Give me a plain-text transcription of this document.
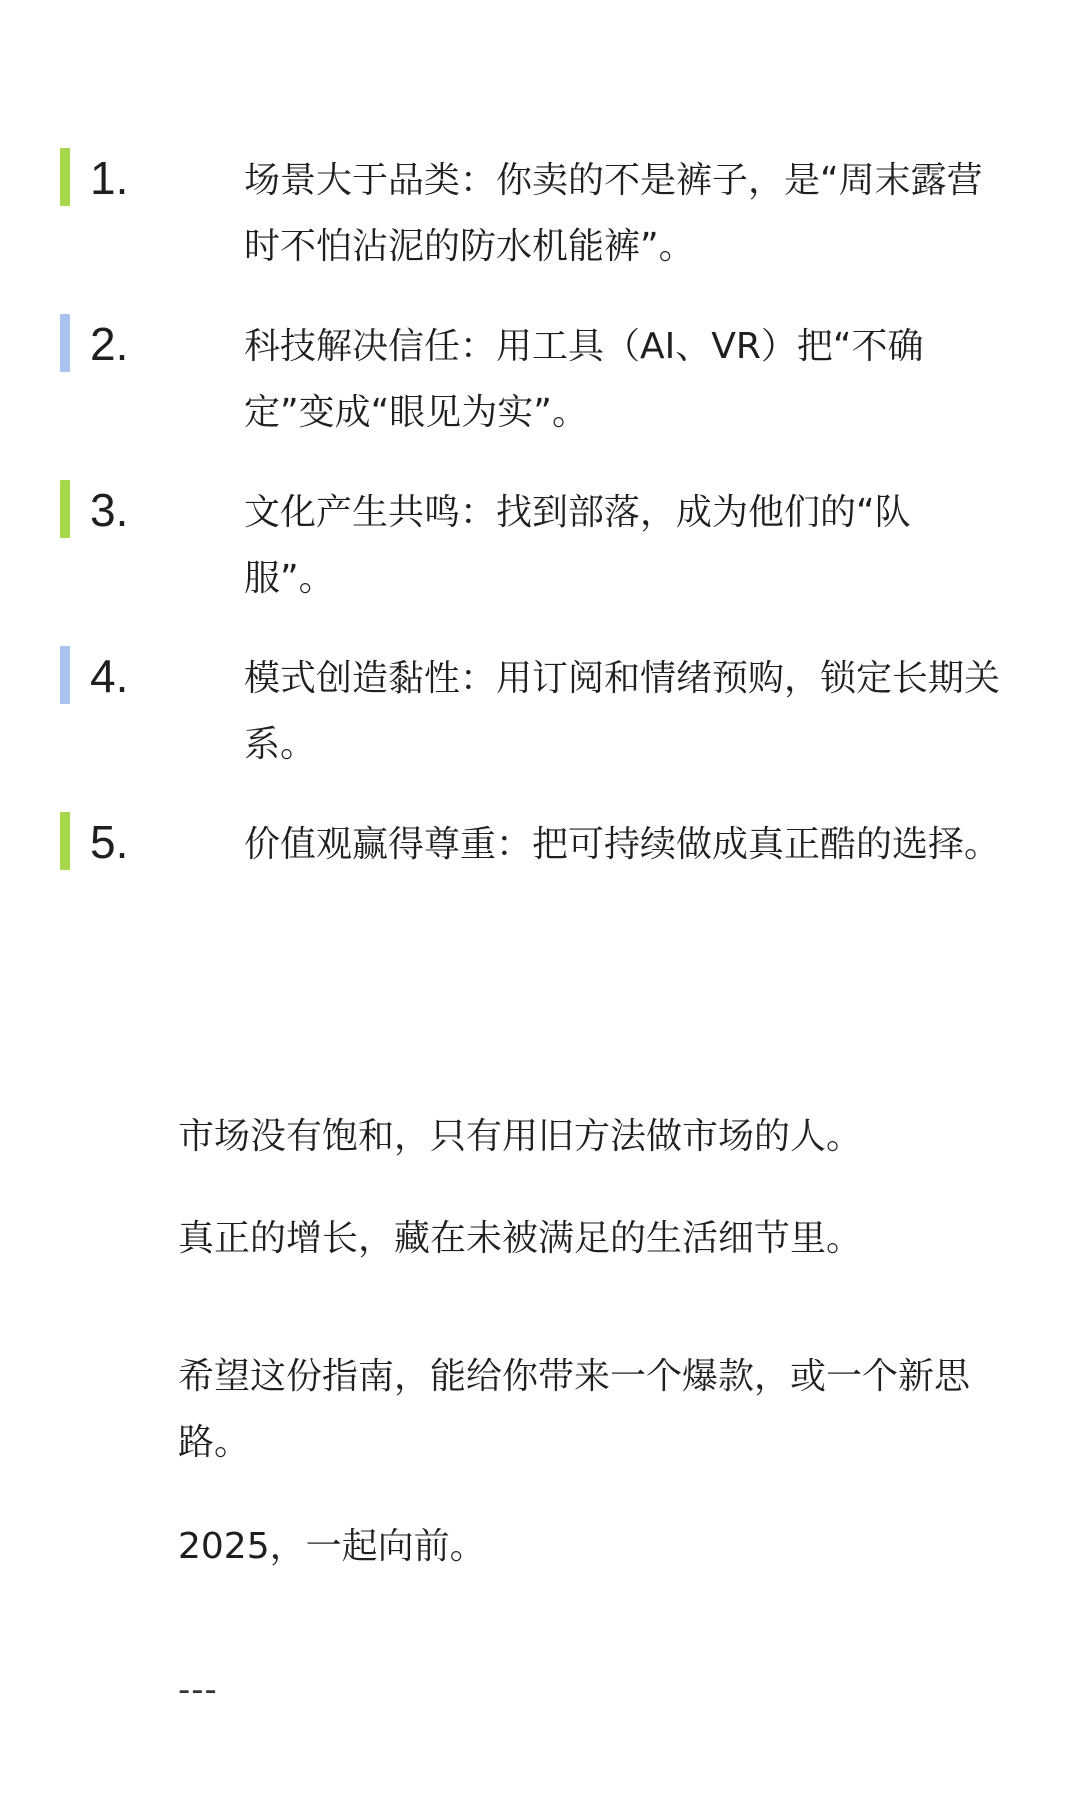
1.	场景大于品类：你卖的不是裤子，是“周末露营时不怕沾泥的防水机能裤”。
2.	科技解决信任：用工具（AI、VR）把“不确定”变成“眼见为实”。
3.	文化产生共鸣：找到部落，成为他们的“队服”。
4.	模式创造黏性：用订阅和情绪预购，锁定长期关系。
5.	价值观赢得尊重：把可持续做成真正酷的选择。
市场没有饱和，只有用旧方法做市场的人。
真正的增长，藏在未被满足的生活细节里。
希望这份指南，能给你带来一个爆款，或一个新思路。
2025，一起向前。
---
